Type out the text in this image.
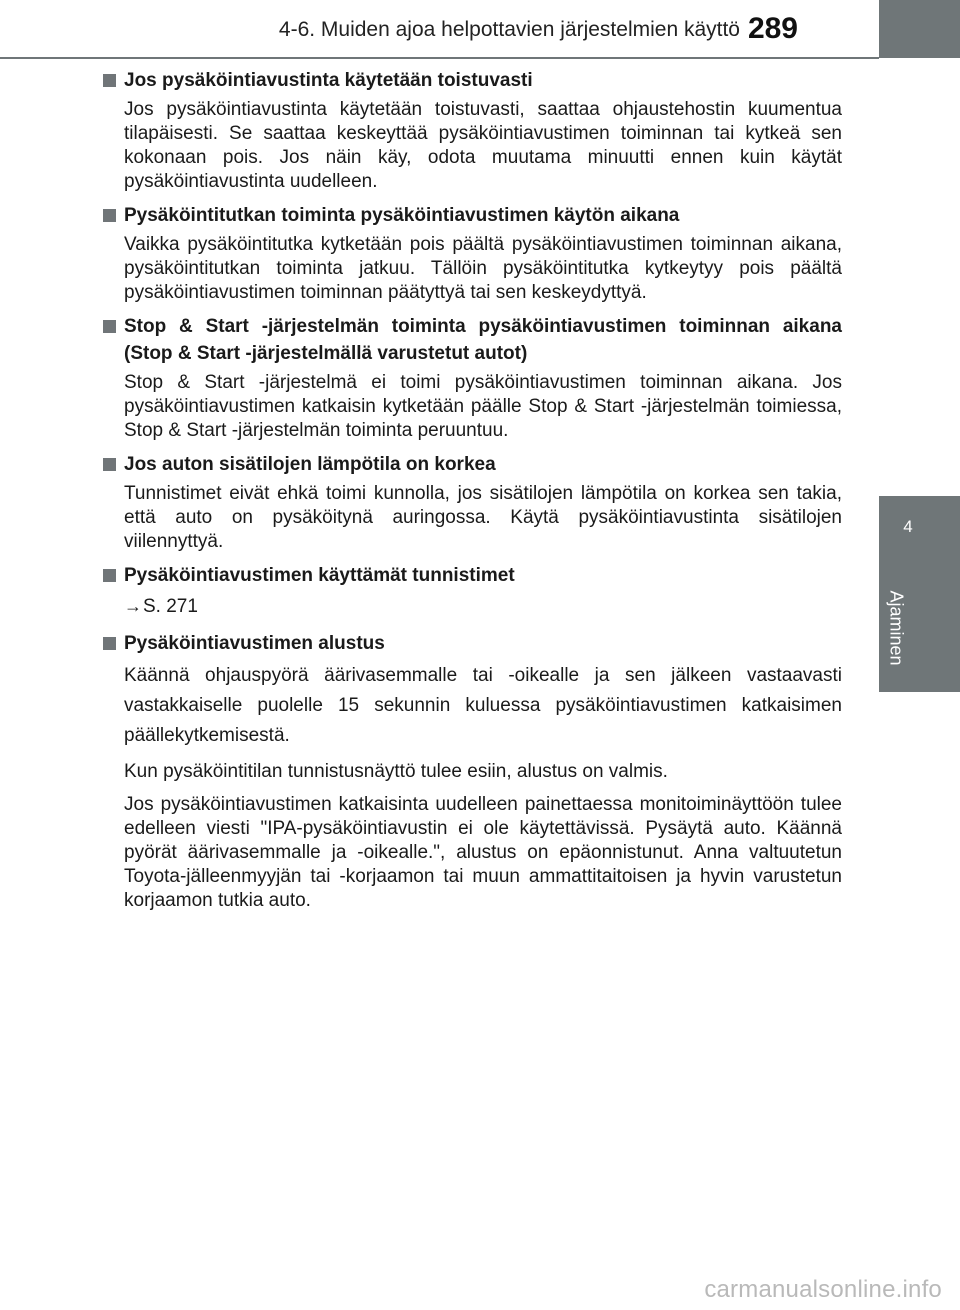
4-6. Muiden ajoa helpottavien järjestelmien käyttö 289
4
Ajaminen
Jos pysäköintiavustinta käytetään toistuvasti

Jos pysäköintiavustinta käytetään toistuvasti, saattaa ohjaustehostin kuumentua tilapäisesti. Se saattaa keskeyttää pysäköintiavustimen toiminnan tai kytkeä sen kokonaan pois. Jos näin käy, odota muutama minuutti ennen kuin käytät pysäköintiavustinta uudelleen.

Pysäköintitutkan toiminta pysäköintiavustimen käytön aikana

Vaikka pysäköintitutka kytketään pois päältä pysäköintiavustimen toiminnan aikana, pysäköintitutkan toiminta jatkuu. Tällöin pysäköintitutka kytkeytyy pois päältä pysäköintiavustimen toiminnan päätyttyä tai sen keskeydyttyä.

Stop & Start -järjestelmän toiminta pysäköintiavustimen toiminnan aikana (Stop & Start -järjestelmällä varustetut autot)

Stop & Start -järjestelmä ei toimi pysäköintiavustimen toiminnan aikana. Jos pysäköintiavustimen katkaisin kytketään päälle Stop & Start -järjestelmän toimiessa, Stop & Start -järjestelmän toiminta peruuntuu.

Jos auton sisätilojen lämpötila on korkea

Tunnistimet eivät ehkä toimi kunnolla, jos sisätilojen lämpötila on korkea sen takia, että auto on pysäköitynä auringossa. Käytä pysäköintiavustinta sisätilojen viilennyttyä.

Pysäköintiavustimen käyttämät tunnistimet
→S. 271
Pysäköintiavustimen alustus

Käännä ohjauspyörä äärivasemmalle tai -oikealle ja sen jälkeen vastaavasti vastakkaiselle puolelle 15 sekunnin kuluessa pysäköintiavustimen katkaisimen päällekytkemisestä.

Kun pysäköintitilan tunnistusnäyttö tulee esiin, alustus on valmis.

Jos pysäköintiavustimen katkaisinta uudelleen painettaessa monitoiminäyttöön tulee edelleen viesti "IPA-pysäköintiavustin ei ole käytettävissä. Pysäytä auto. Käännä pyörät äärivasemmalle ja -oikealle.", alustus on epäonnistunut. Anna valtuutetun Toyota-jälleenmyyjän tai -korjaamon tai muun ammattitaitoisen ja hyvin varustetun korjaamon tutkia auto.

carmanualsonline.info
